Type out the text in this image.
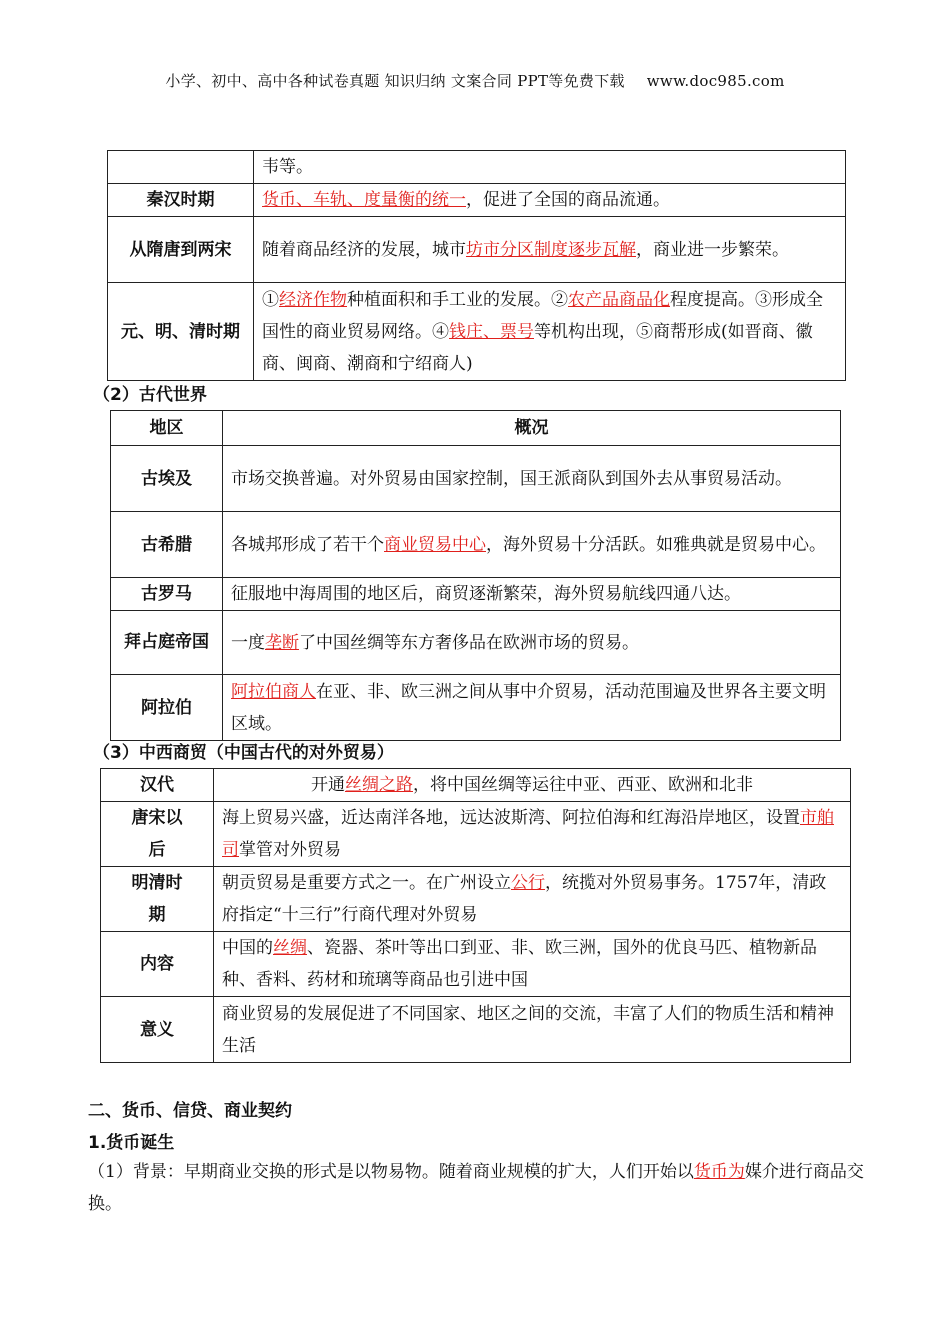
小学、初中、高中各种试卷真题 知识归纳 文案合同 PPT等免费下载 www.doc985.com
	韦等。
秦汉时期	货币、车轨、度量衡的统一，促进了全国的商品流通。
从隋唐到两宋	随着商品经济的发展，城市坊市分区制度逐步瓦解，商业进一步繁荣。
元、明、清时期	①经济作物种植面积和手工业的发展。②农产品商品化程度提高。③形成全国性的商业贸易网络。④钱庄、票号等机构出现，⑤商帮形成(如晋商、徽商、闽商、潮商和宁绍商人)
（2）古代世界
地区	概况
古埃及	市场交换普遍。对外贸易由国家控制，国王派商队到国外去从事贸易活动。
古希腊	各城邦形成了若干个商业贸易中心，海外贸易十分活跃。如雅典就是贸易中心。
古罗马	征服地中海周围的地区后，商贸逐渐繁荣，海外贸易航线四通八达。
拜占庭帝国	一度垄断了中国丝绸等东方奢侈品在欧洲市场的贸易。
阿拉伯	阿拉伯商人在亚、非、欧三洲之间从事中介贸易，活动范围遍及世界各主要文明区域。
（3）中西商贸（中国古代的对外贸易）
汉代	开通丝绸之路，将中国丝绸等运往中亚、西亚、欧洲和北非
唐宋以后	海上贸易兴盛，近达南洋各地，远达波斯湾、阿拉伯海和红海沿岸地区，设置市舶司掌管对外贸易
明清时期	朝贡贸易是重要方式之一。在广州设立公行，统揽对外贸易事务。1757年，清政府指定“十三行”行商代理对外贸易
内容	中国的丝绸、瓷器、茶叶等出口到亚、非、欧三洲，国外的优良马匹、植物新品种、香料、药材和琉璃等商品也引进中国
意义	商业贸易的发展促进了不同国家、地区之间的交流，丰富了人们的物质生活和精神生活
二、货币、信贷、商业契约
1.货币诞生
（1）背景：早期商业交换的形式是以物易物。随着商业规模的扩大，人们开始以货币为媒介进行商品交换。
